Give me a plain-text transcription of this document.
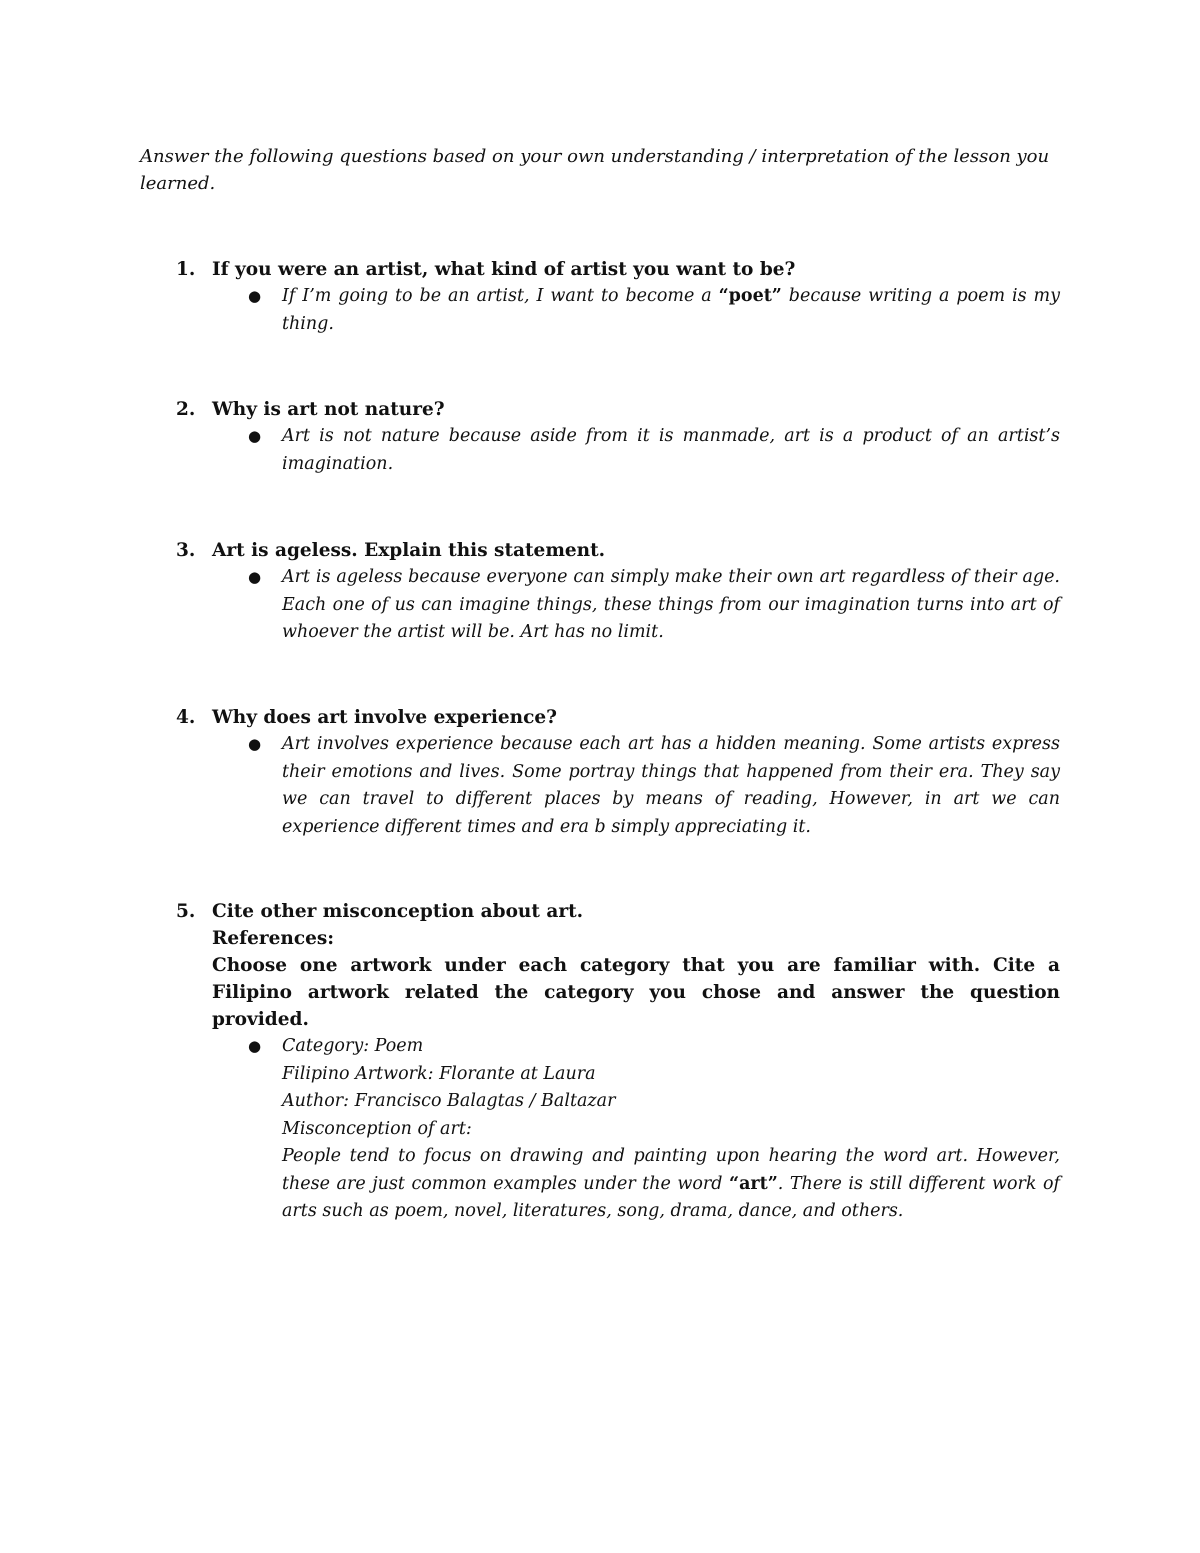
Answer the following questions based on your own understanding / interpretation of the lesson you learned.

1. If you were an artist, what kind of artist you want to be?
● If I’m going to be an artist, I want to become a “poet” because writing a poem is my thing.
2. Why is art not nature?
● Art is not nature because aside from it is manmade, art is a product of an artist’s imagination.
3. Art is ageless. Explain this statement.
● Art is ageless because everyone can simply make their own art regardless of their age. Each one of us can imagine things, these things from our imagination turns into art of whoever the artist will be. Art has no limit.
4. Why does art involve experience?
● Art involves experience because each art has a hidden meaning. Some artists express their emotions and lives. Some portray things that happened from their era. They say we can travel to different places by means of reading, However, in art we can experience different times and era b simply appreciating it.
5. Cite other misconception about art.
References:
Choose one artwork under each category that you are familiar with. Cite a Filipino artwork related the category you chose and answer the question provided.
● Category: Poem
Filipino Artwork: Florante at Laura
Author: Francisco Balagtas / Baltazar
Misconception of art:
People tend to focus on drawing and painting upon hearing the word art. However, these are just common examples under the word “art”. There is still different work of arts such as poem, novel, literatures, song, drama, dance, and others.
